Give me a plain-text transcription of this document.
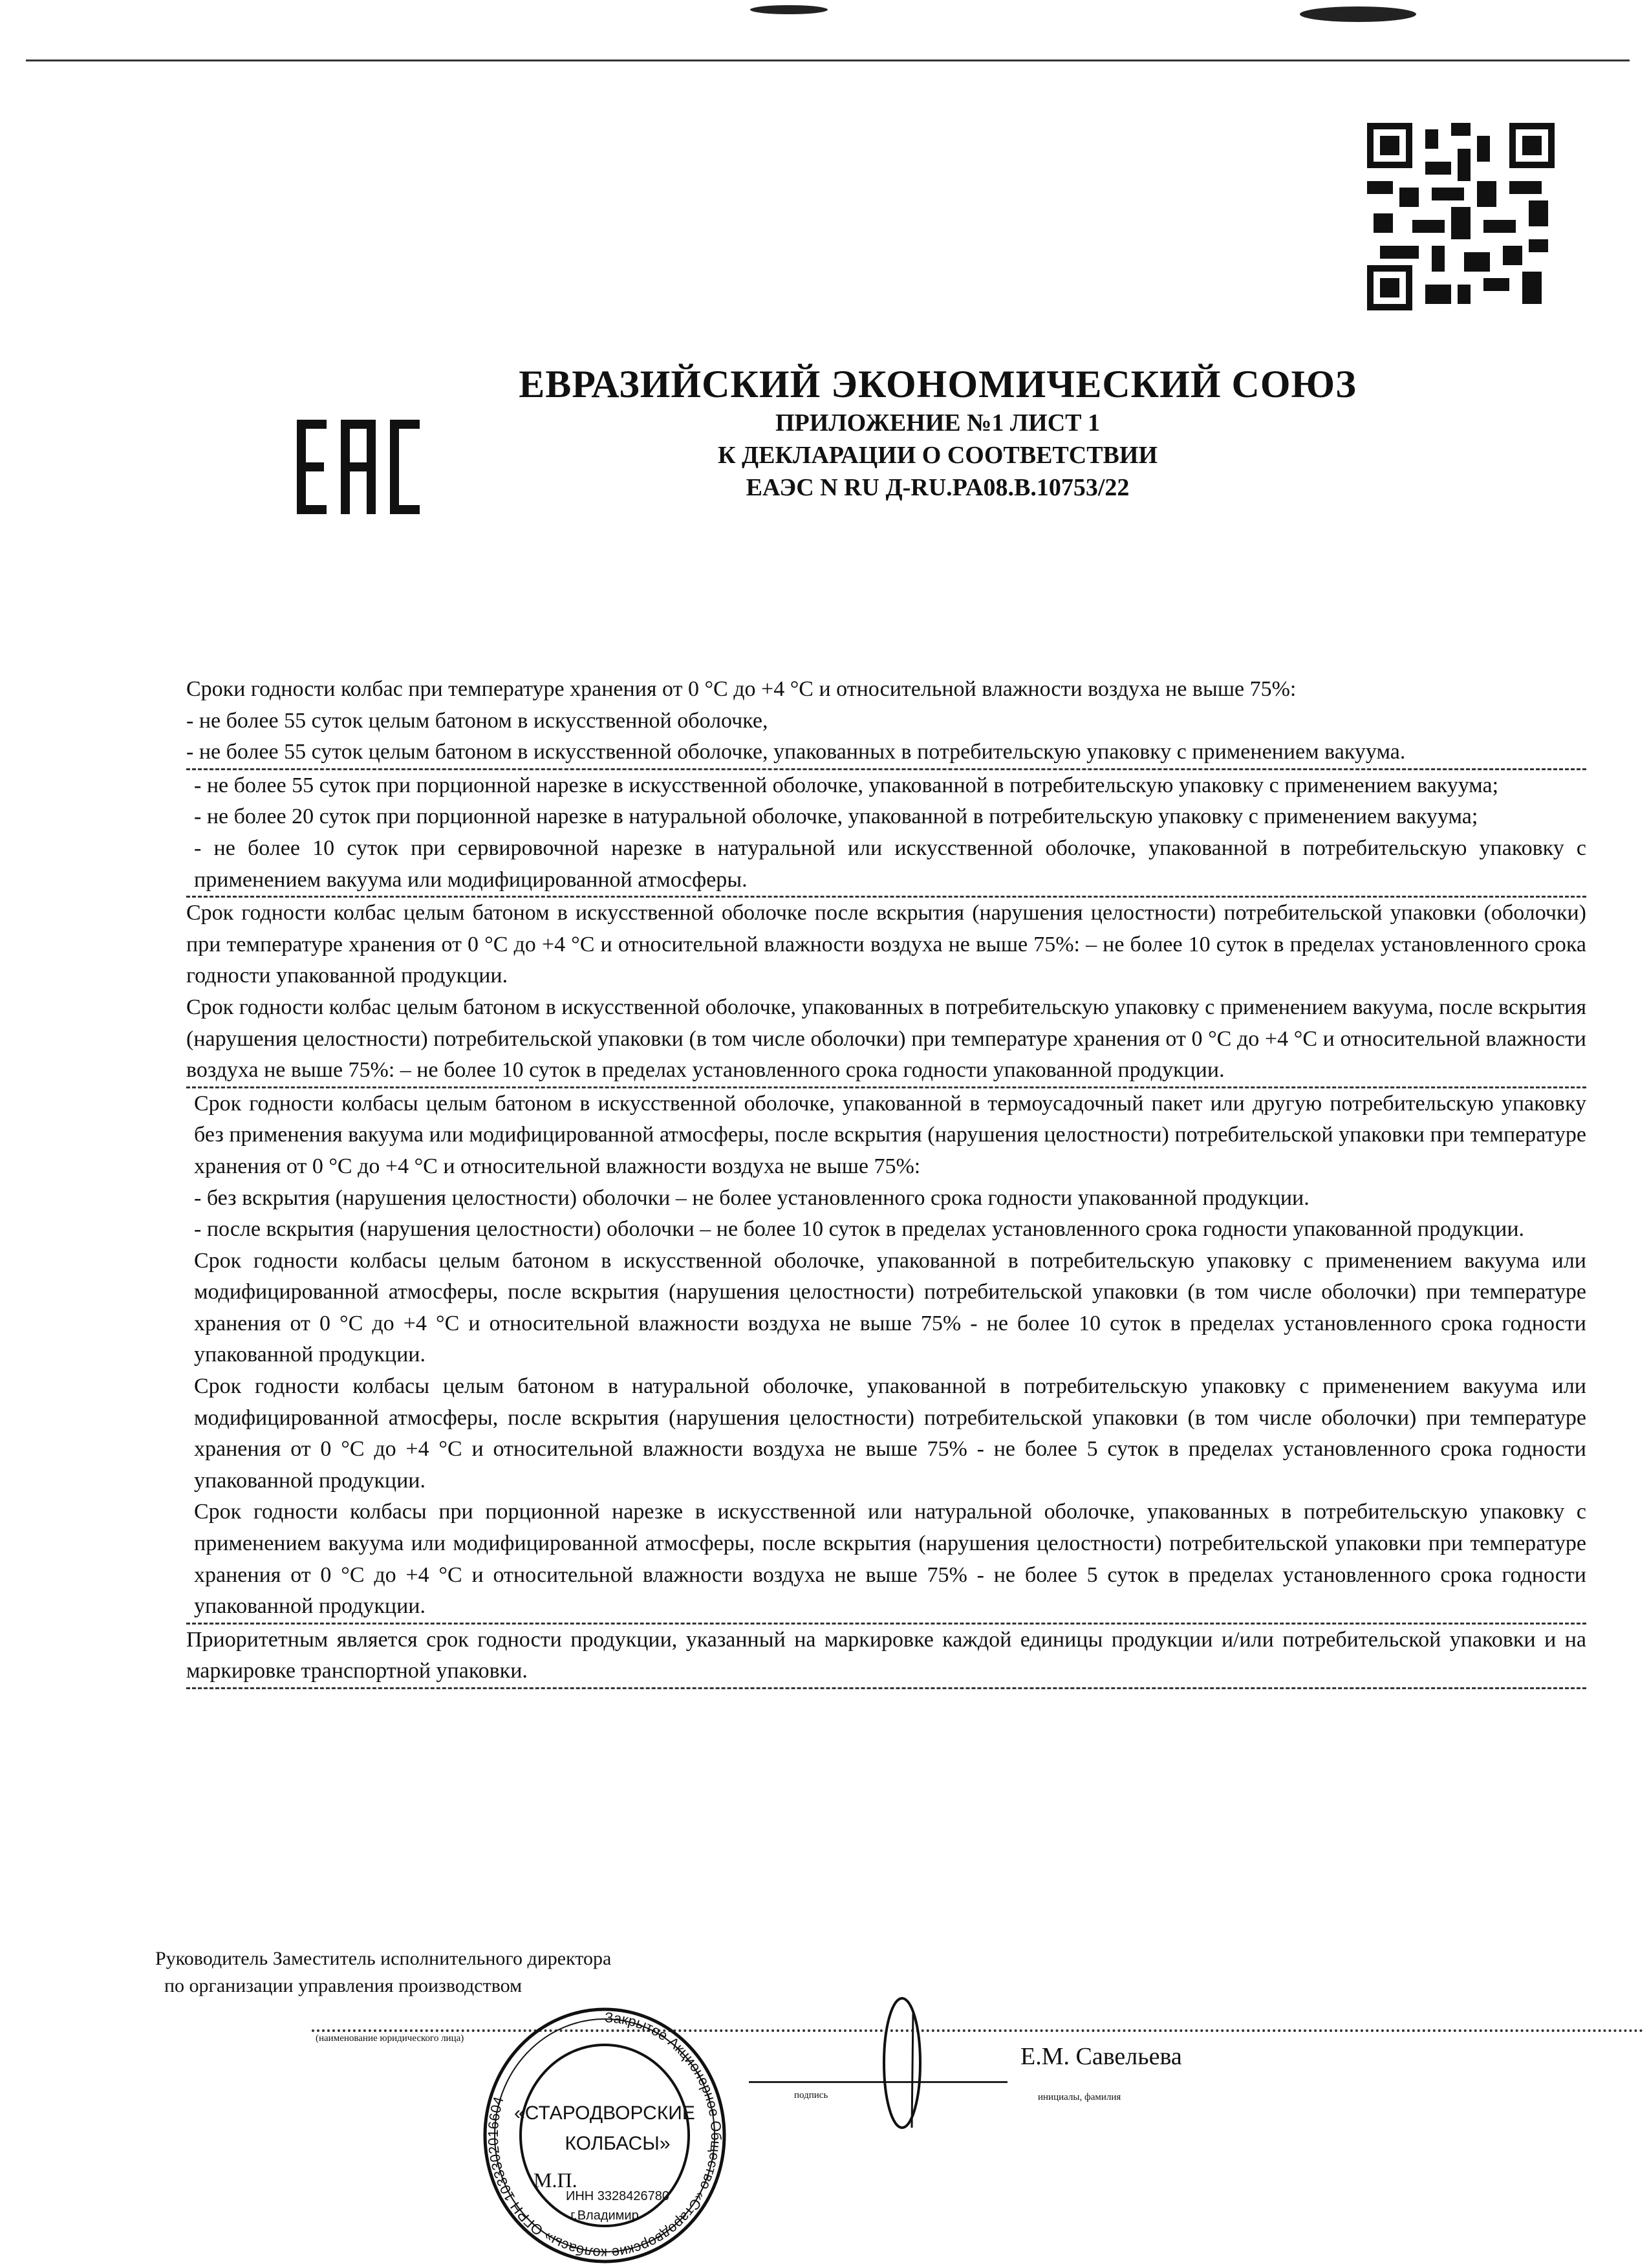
ЕВРАЗИЙСКИЙ ЭКОНОМИЧЕСКИЙ СОЮЗ
ПРИЛОЖЕНИЕ №1 ЛИСТ 1
К ДЕКЛАРАЦИИ О СООТВЕТСТВИИ
ЕАЭС N RU Д-RU.PA08.B.10753/22

Сроки годности колбас при температуре хранения от 0 °С до +4 °С и относительной влажности воздуха не выше 75%:

- не более 55 суток целым батоном в искусственной оболочке,

- не более 55 суток целым батоном в искусственной оболочке, упакованных в потребительскую упаковку с применением вакуума.

- не более 55 суток при порционной нарезке в искусственной оболочке, упакованной в потребительскую упаковку с применением вакуума;

- не более 20 суток при порционной нарезке в натуральной оболочке, упакованной в потребительскую упаковку с применением вакуума;

- не более 10 суток при сервировочной нарезке в натуральной или искусственной оболочке, упакованной в потребительскую упаковку с применением вакуума или модифицированной атмосферы.

Срок годности колбас целым батоном в искусственной оболочке после вскрытия (нарушения целостности) потребительской упаковки (оболочки) при температуре хранения от 0 °С до +4 °С и относительной влажности воздуха не выше 75%: – не более 10 суток в пределах установленного срока годности упакованной продукции.

Срок годности колбас целым батоном в искусственной оболочке, упакованных в потребительскую упаковку с применением вакуума, после вскрытия (нарушения целостности) потребительской упаковки (в том числе оболочки) при температуре хранения от 0 °С до +4 °С и относительной влажности воздуха не выше 75%: – не более 10 суток в пределах установленного срока годности упакованной продукции.

Срок годности колбасы целым батоном в искусственной оболочке, упакованной в термоусадочный пакет или другую потребительскую упаковку без применения вакуума или модифицированной атмосферы, после вскрытия (нарушения целостности) потребительской упаковки при температуре хранения от 0 °С до +4 °С и относительной влажности воздуха не выше 75%:

- без вскрытия (нарушения целостности) оболочки – не более установленного срока годности упакованной продукции.

- после вскрытия (нарушения целостности) оболочки – не более 10 суток в пределах установленного срока годности упакованной продукции.

Срок годности колбасы целым батоном в искусственной оболочке, упакованной в потребительскую упаковку с применением вакуума или модифицированной атмосферы, после вскрытия (нарушения целостности) потребительской упаковки (в том числе оболочки) при температуре хранения от 0 °С до +4 °С и относительной влажности воздуха не выше 75% - не более 10 суток в пределах установленного срока годности упакованной продукции.

Срок годности колбасы целым батоном в натуральной оболочке, упакованной в потребительскую упаковку с применением вакуума или модифицированной атмосферы, после вскрытия (нарушения целостности) потребительской упаковки (в том числе оболочки) при температуре хранения от 0 °С до +4 °С и относительной влажности воздуха не выше 75% - не более 5 суток в пределах установленного срока годности упакованной продукции.

Срок годности колбасы при порционной нарезке в искусственной или натуральной оболочке, упакованных в потребительскую упаковку с применением вакуума или модифицированной атмосферы, после вскрытия (нарушения целостности) потребительской упаковки при температуре хранения от 0 °С до +4 °С и относительной влажности воздуха не выше 75% - не более 5 суток в пределах установленного срока годности упакованной продукции.

Приоритетным является срок годности продукции, указанный на маркировке каждой единицы продукции и/или потребительской упаковки и на маркировке транспортной упаковки.

Руководитель Заместитель исполнительного директора
по организации управления производством
(наименование юридического лица)
подпись
Е.М. Савельева
инициалы, фамилия
Закрытое Акционерное Общество «Стародворские колбасы» ОГРН 1033302016604
«СТАРОДВОРСКИЕ
КОЛБАСЫ»
М.П.
ИНН 3328426780
г.Владимир
